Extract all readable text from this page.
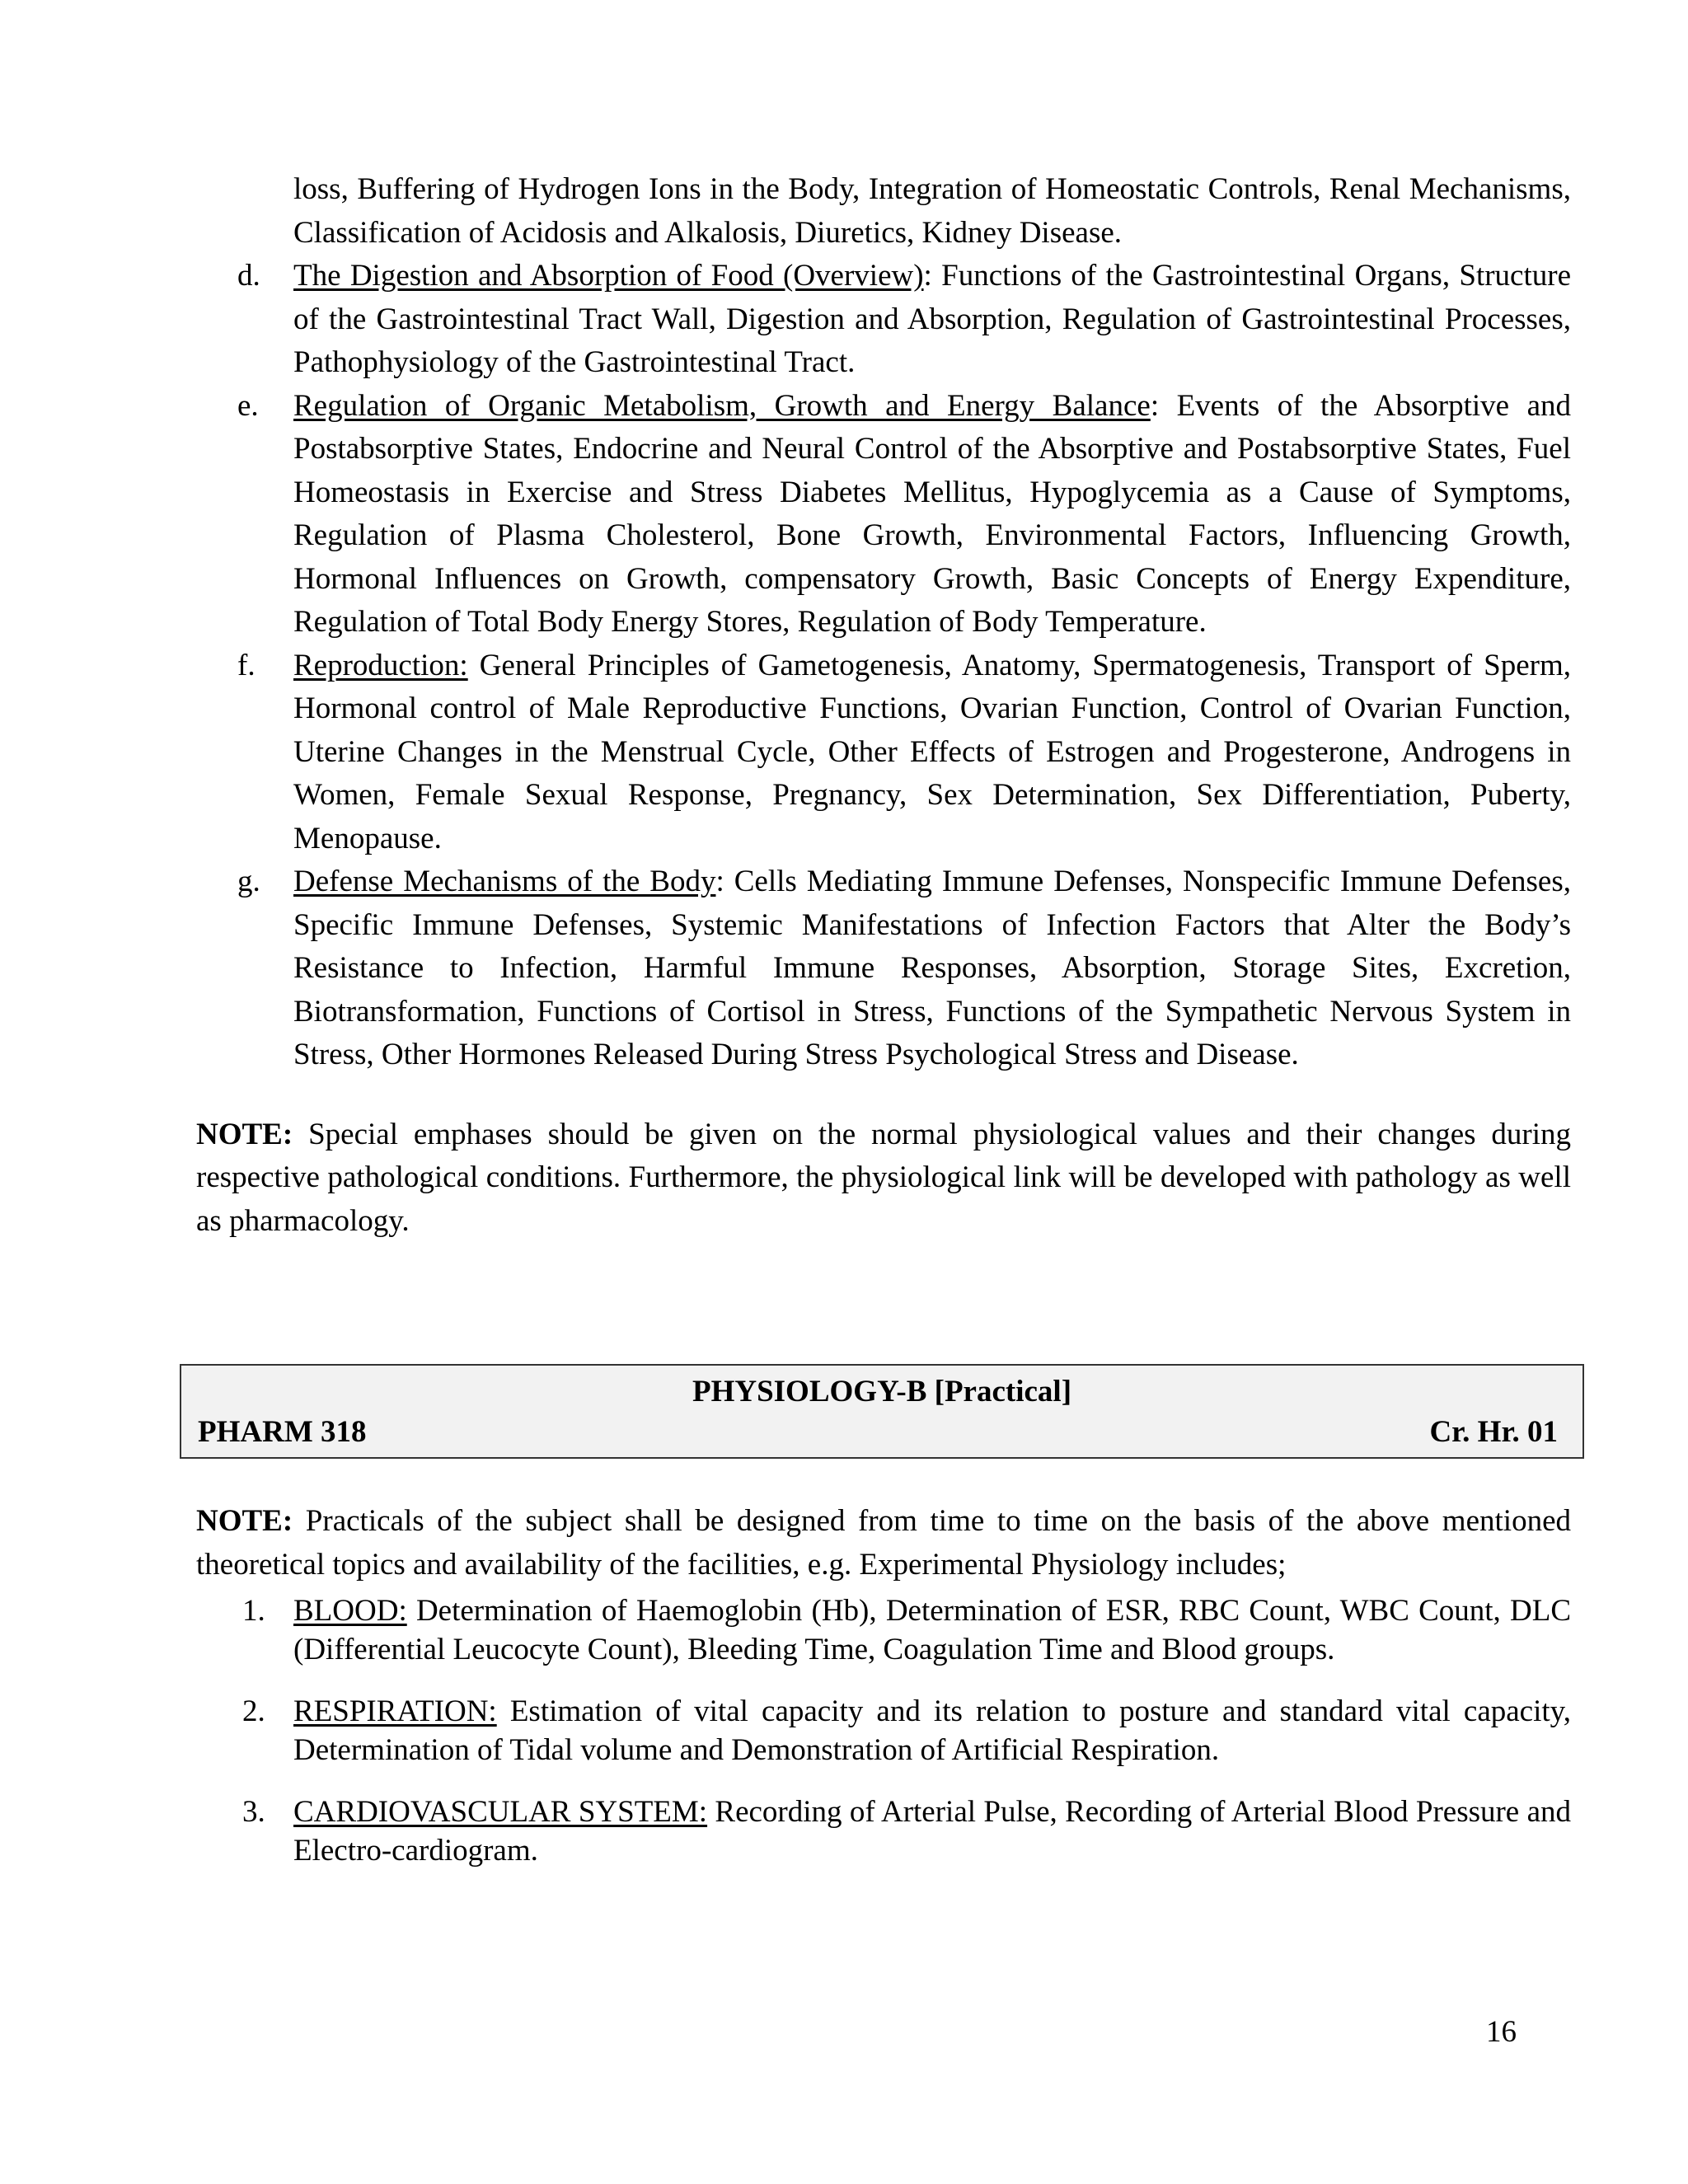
loss, Buffering of Hydrogen Ions in the Body, Integration of Homeostatic Controls, Renal Mechanisms, Classification of Acidosis and Alkalosis, Diuretics, Kidney Disease.
d. The Digestion and Absorption of Food (Overview): Functions of the Gastrointestinal Organs, Structure of the Gastrointestinal Tract Wall, Digestion and Absorption, Regulation of Gastrointestinal Processes, Pathophysiology of the Gastrointestinal Tract.
e. Regulation of Organic Metabolism, Growth and Energy Balance: Events of the Absorptive and Postabsorptive States, Endocrine and Neural Control of the Absorptive and Postabsorptive States, Fuel Homeostasis in Exercise and Stress Diabetes Mellitus, Hypoglycemia as a Cause of Symptoms, Regulation of Plasma Cholesterol, Bone Growth, Environmental Factors, Influencing Growth, Hormonal Influences on Growth, compensatory Growth, Basic Concepts of Energy Expenditure, Regulation of Total Body Energy Stores, Regulation of Body Temperature.
f. Reproduction: General Principles of Gametogenesis, Anatomy, Spermatogenesis, Transport of Sperm, Hormonal control of Male Reproductive Functions, Ovarian Function, Control of Ovarian Function, Uterine Changes in the Menstrual Cycle, Other Effects of Estrogen and Progesterone, Androgens in Women, Female Sexual Response, Pregnancy, Sex Determination, Sex Differentiation, Puberty, Menopause.
g. Defense Mechanisms of the Body: Cells Mediating Immune Defenses, Nonspecific Immune Defenses, Specific Immune Defenses, Systemic Manifestations of Infection Factors that Alter the Body’s Resistance to Infection, Harmful Immune Responses, Absorption, Storage Sites, Excretion, Biotransformation, Functions of Cortisol in Stress, Functions of the Sympathetic Nervous System in Stress, Other Hormones Released During Stress Psychological Stress and Disease.
NOTE: Special emphases should be given on the normal physiological values and their changes during respective pathological conditions. Furthermore, the physiological link will be developed with pathology as well as pharmacology.
PHYSIOLOGY-B [Practical]
PHARM 318	Cr. Hr. 01
NOTE: Practicals of the subject shall be designed from time to time on the basis of the above mentioned theoretical topics and availability of the facilities, e.g. Experimental Physiology includes;
1. BLOOD: Determination of Haemoglobin (Hb), Determination of ESR, RBC Count, WBC Count, DLC (Differential Leucocyte Count), Bleeding Time, Coagulation Time and Blood groups.
2. RESPIRATION: Estimation of vital capacity and its relation to posture and standard vital capacity, Determination of Tidal volume and Demonstration of Artificial Respiration.
3. CARDIOVASCULAR SYSTEM: Recording of Arterial Pulse, Recording of Arterial Blood Pressure and Electro-cardiogram.
16
